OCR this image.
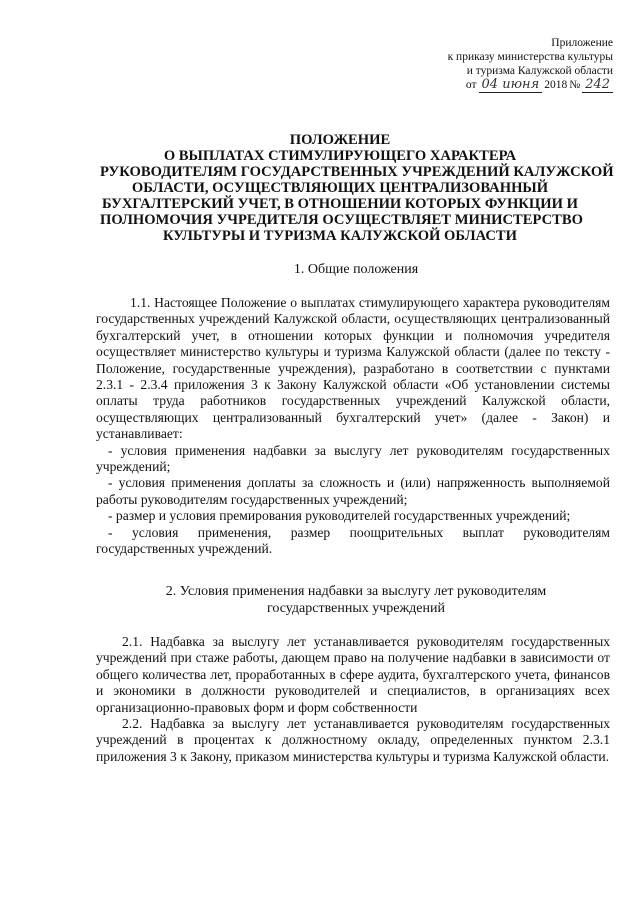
Приложение
к приказу министерства культуры
и туризма Калужской области
от 04 июня 2018 № 242
ПОЛОЖЕНИЕ
О ВЫПЛАТАХ СТИМУЛИРУЮЩЕГО ХАРАКТЕРА
РУКОВОДИТЕЛЯМ ГОСУДАРСТВЕННЫХ УЧРЕЖДЕНИЙ КАЛУЖСКОЙ
ОБЛАСТИ, ОСУЩЕСТВЛЯЮЩИХ ЦЕНТРАЛИЗОВАННЫЙ
БУХГАЛТЕРСКИЙ УЧЕТ, В ОТНОШЕНИИ КОТОРЫХ ФУНКЦИИ И
ПОЛНОМОЧИЯ УЧРЕДИТЕЛЯ ОСУЩЕСТВЛЯЕТ МИНИСТЕРСТВО
КУЛЬТУРЫ И ТУРИЗМА КАЛУЖСКОЙ ОБЛАСТИ
1. Общие положения

1.1. Настоящее Положение о выплатах стимулирующего характера руководителям государственных учреждений Калужской области, осуществляющих централизованный бухгалтерский учет, в отношении которых функции и полномочия учредителя осуществляет министерство культуры и туризма Калужской области (далее по тексту - Положение, государственные учреждения), разработано в соответствии с пунктами 2.3.1 - 2.3.4 приложения 3 к Закону Калужской области «Об установлении системы оплаты труда работников государственных учреждений Калужской области, осуществляющих централизованный бухгалтерский учет» (далее - Закон) и устанавливает:

- условия применения надбавки за выслугу лет руководителям государственных учреждений;

- условия применения доплаты за сложность и (или) напряженность выполняемой работы руководителям государственных учреждений;

- размер и условия премирования руководителей государственных учреждений;

- условия применения, размер поощрительных выплат руководителям государственных учреждений.

2. Условия применения надбавки за выслугу лет руководителям
государственных учреждений

2.1. Надбавка за выслугу лет устанавливается руководителям государственных учреждений при стаже работы, дающем право на получение надбавки в зависимости от общего количества лет, проработанных в сфере аудита, бухгалтерского учета, финансов и экономики в должности руководителей и специалистов, в организациях всех организационно-правовых форм и форм собственности

2.2. Надбавка за выслугу лет устанавливается руководителям государственных учреждений в процентах к должностному окладу, определенных пунктом 2.3.1 приложения 3 к Закону, приказом министерства культуры и туризма Калужской области.
